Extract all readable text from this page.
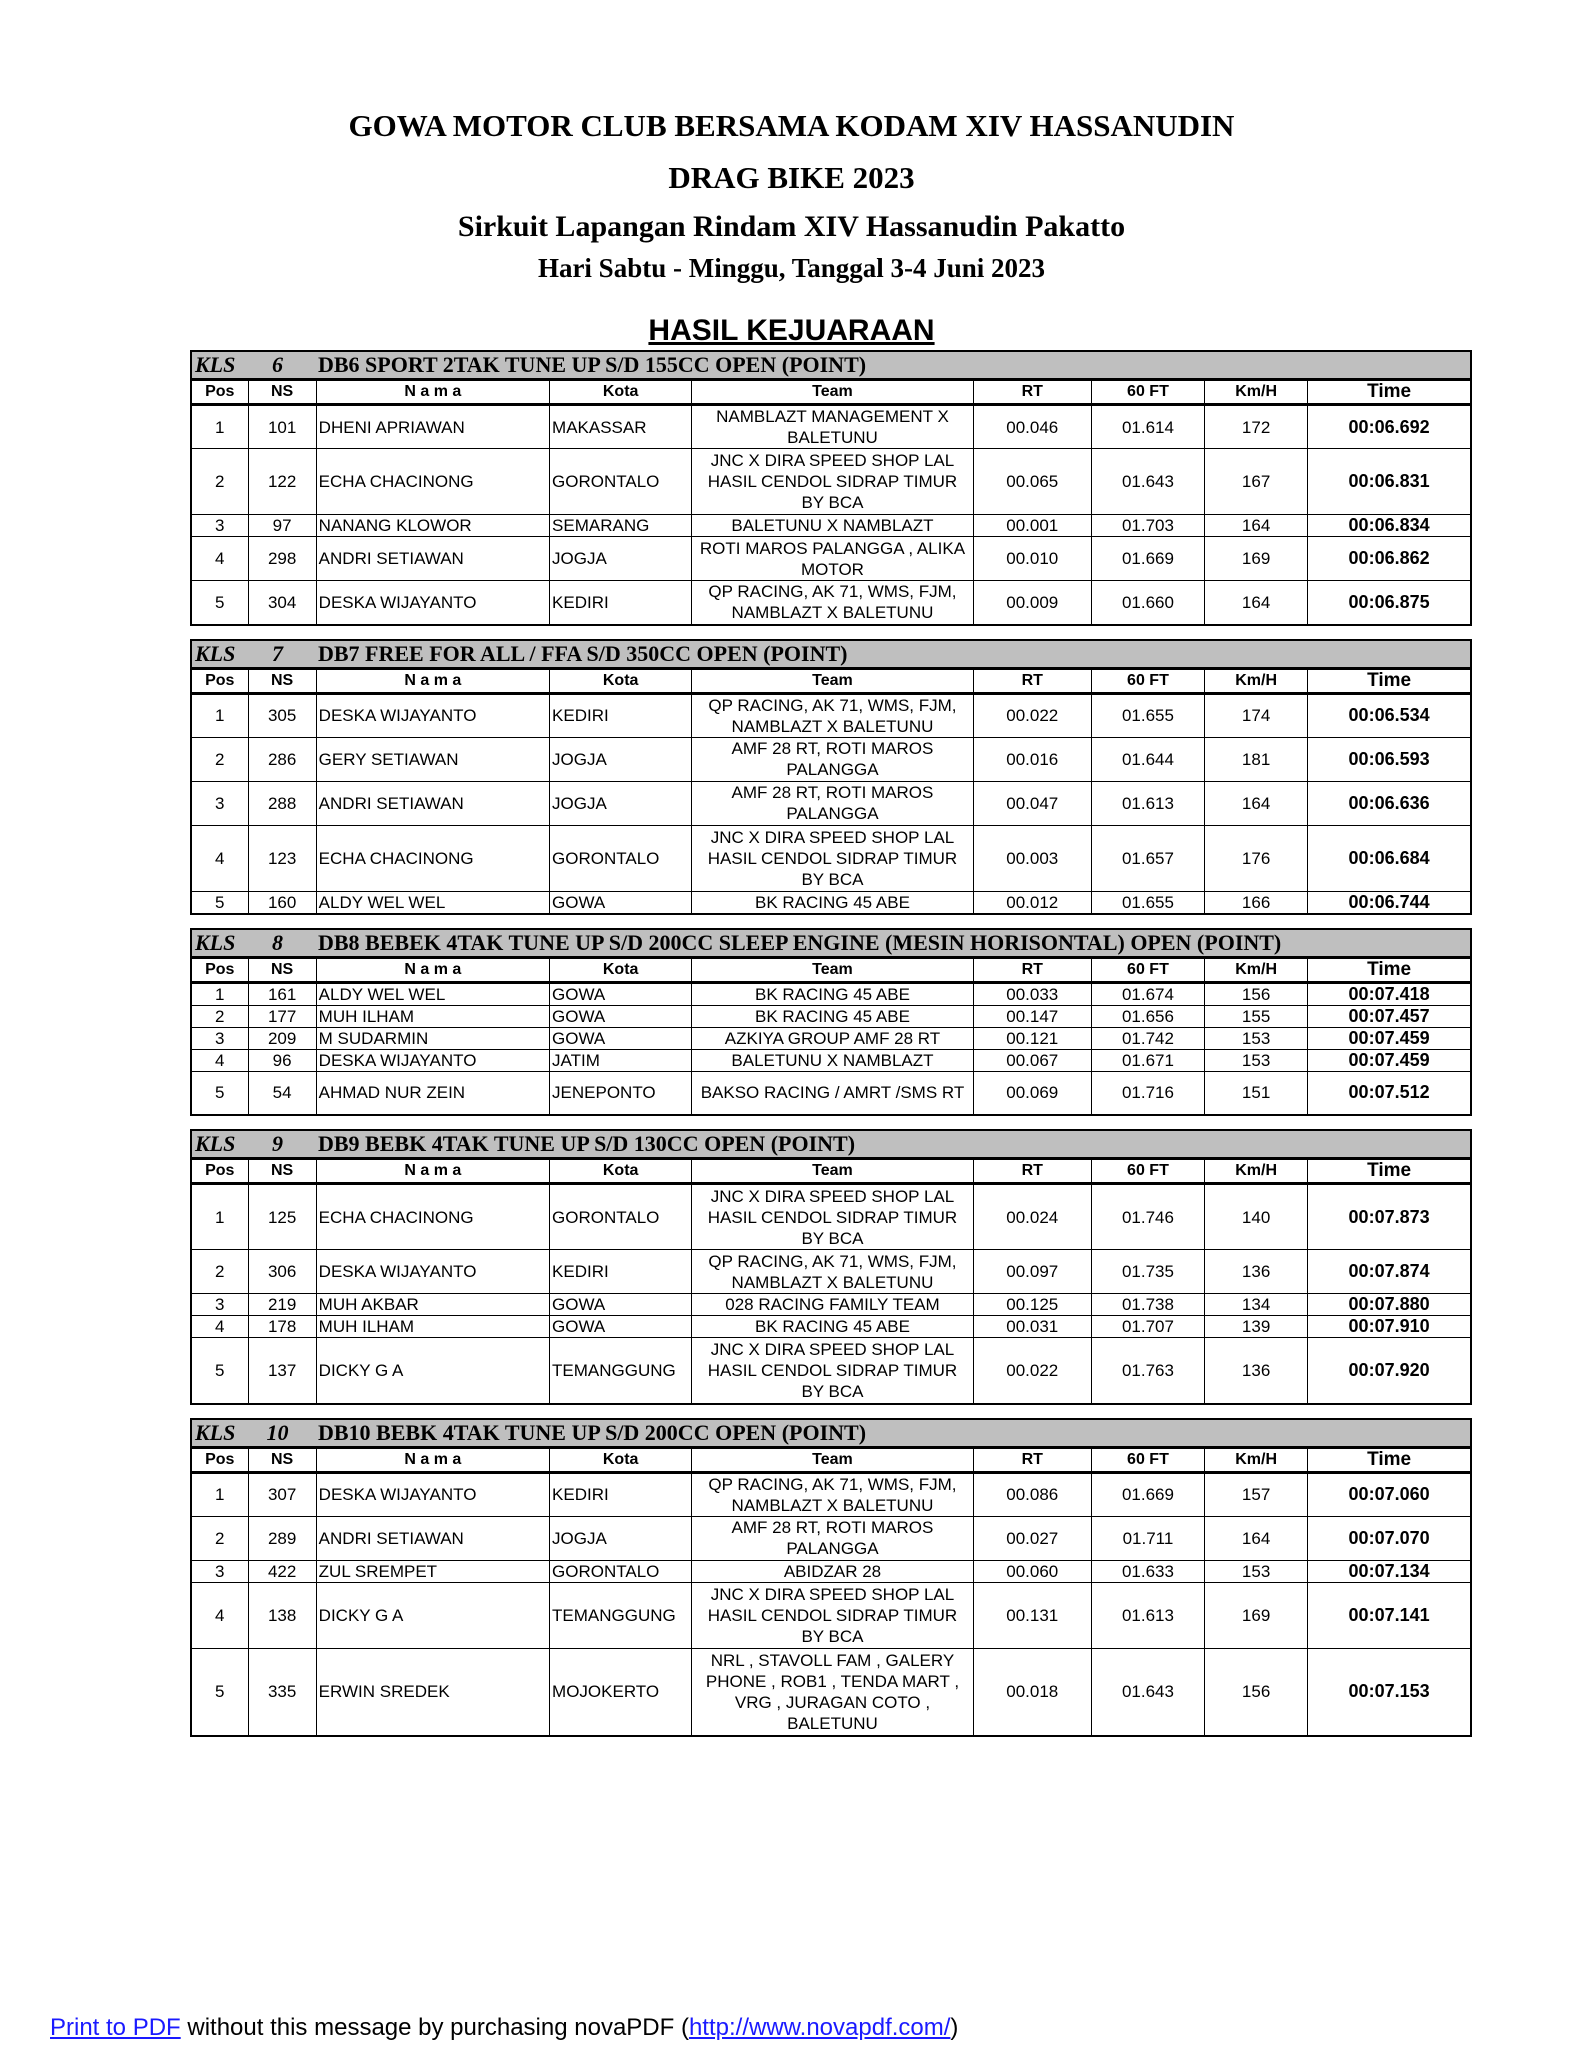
GOWA MOTOR CLUB BERSAMA KODAM XIV HASSANUDIN
DRAG BIKE 2023
Sirkuit Lapangan Rindam XIV Hassanudin Pakatto
Hari Sabtu - Minggu, Tanggal 3-4 Juni 2023
HASIL KEJUARAAN
KLS	6	DB6 SPORT 2TAK TUNE UP S/D 155CC OPEN (POINT)
Pos	NS	N a m a	Kota	Team	RT	60 FT	Km/H	Time
1	101	DHENI APRIAWAN	MAKASSAR	NAMBLAZT MANAGEMENT X BALETUNU	00.046	01.614	172	00:06.692
2	122	ECHA CHACINONG	GORONTALO	JNC X DIRA SPEED SHOP LAL HASIL CENDOL SIDRAP TIMUR BY BCA	00.065	01.643	167	00:06.831
3	97	NANANG KLOWOR	SEMARANG	BALETUNU X NAMBLAZT	00.001	01.703	164	00:06.834
4	298	ANDRI SETIAWAN	JOGJA	ROTI MAROS PALANGGA , ALIKA MOTOR	00.010	01.669	169	00:06.862
5	304	DESKA WIJAYANTO	KEDIRI	QP RACING, AK 71, WMS, FJM, NAMBLAZT X BALETUNU	00.009	01.660	164	00:06.875
KLS	7	DB7 FREE FOR ALL / FFA S/D 350CC OPEN (POINT)
Pos	NS	N a m a	Kota	Team	RT	60 FT	Km/H	Time
1	305	DESKA WIJAYANTO	KEDIRI	QP RACING, AK 71, WMS, FJM, NAMBLAZT X BALETUNU	00.022	01.655	174	00:06.534
2	286	GERY SETIAWAN	JOGJA	AMF 28 RT, ROTI MAROS PALANGGA	00.016	01.644	181	00:06.593
3	288	ANDRI SETIAWAN	JOGJA	AMF 28 RT, ROTI MAROS PALANGGA	00.047	01.613	164	00:06.636
4	123	ECHA CHACINONG	GORONTALO	JNC X DIRA SPEED SHOP LAL HASIL CENDOL SIDRAP TIMUR BY BCA	00.003	01.657	176	00:06.684
5	160	ALDY WEL WEL	GOWA	BK RACING 45 ABE	00.012	01.655	166	00:06.744
KLS	8	DB8 BEBEK 4TAK TUNE UP S/D 200CC SLEEP ENGINE (MESIN HORISONTAL) OPEN (POINT)
Pos	NS	N a m a	Kota	Team	RT	60 FT	Km/H	Time
1	161	ALDY WEL WEL	GOWA	BK RACING 45 ABE	00.033	01.674	156	00:07.418
2	177	MUH ILHAM	GOWA	BK RACING 45 ABE	00.147	01.656	155	00:07.457
3	209	M SUDARMIN	GOWA	AZKIYA GROUP AMF 28 RT	00.121	01.742	153	00:07.459
4	96	DESKA WIJAYANTO	JATIM	BALETUNU X NAMBLAZT	00.067	01.671	153	00:07.459
5	54	AHMAD NUR ZEIN	JENEPONTO	BAKSO RACING / AMRT /SMS RT	00.069	01.716	151	00:07.512
KLS	9	DB9 BEBK 4TAK TUNE UP S/D 130CC OPEN (POINT)
Pos	NS	N a m a	Kota	Team	RT	60 FT	Km/H	Time
1	125	ECHA CHACINONG	GORONTALO	JNC X DIRA SPEED SHOP LAL HASIL CENDOL SIDRAP TIMUR BY BCA	00.024	01.746	140	00:07.873
2	306	DESKA WIJAYANTO	KEDIRI	QP RACING, AK 71, WMS, FJM, NAMBLAZT X BALETUNU	00.097	01.735	136	00:07.874
3	219	MUH AKBAR	GOWA	028 RACING FAMILY TEAM	00.125	01.738	134	00:07.880
4	178	MUH ILHAM	GOWA	BK RACING 45 ABE	00.031	01.707	139	00:07.910
5	137	DICKY G A	TEMANGGUNG	JNC X DIRA SPEED SHOP LAL HASIL CENDOL SIDRAP TIMUR BY BCA	00.022	01.763	136	00:07.920
KLS	10	DB10 BEBK 4TAK TUNE UP S/D 200CC OPEN (POINT)
Pos	NS	N a m a	Kota	Team	RT	60 FT	Km/H	Time
1	307	DESKA WIJAYANTO	KEDIRI	QP RACING, AK 71, WMS, FJM, NAMBLAZT X BALETUNU	00.086	01.669	157	00:07.060
2	289	ANDRI SETIAWAN	JOGJA	AMF 28 RT, ROTI MAROS PALANGGA	00.027	01.711	164	00:07.070
3	422	ZUL SREMPET	GORONTALO	ABIDZAR 28	00.060	01.633	153	00:07.134
4	138	DICKY G A	TEMANGGUNG	JNC X DIRA SPEED SHOP LAL HASIL CENDOL SIDRAP TIMUR BY BCA	00.131	01.613	169	00:07.141
5	335	ERWIN SREDEK	MOJOKERTO	NRL , STAVOLL FAM , GALERY PHONE , ROB1 , TENDA MART , VRG , JURAGAN COTO , BALETUNU	00.018	01.643	156	00:07.153
Print to PDF without this message by purchasing novaPDF (http://www.novapdf.com/)
